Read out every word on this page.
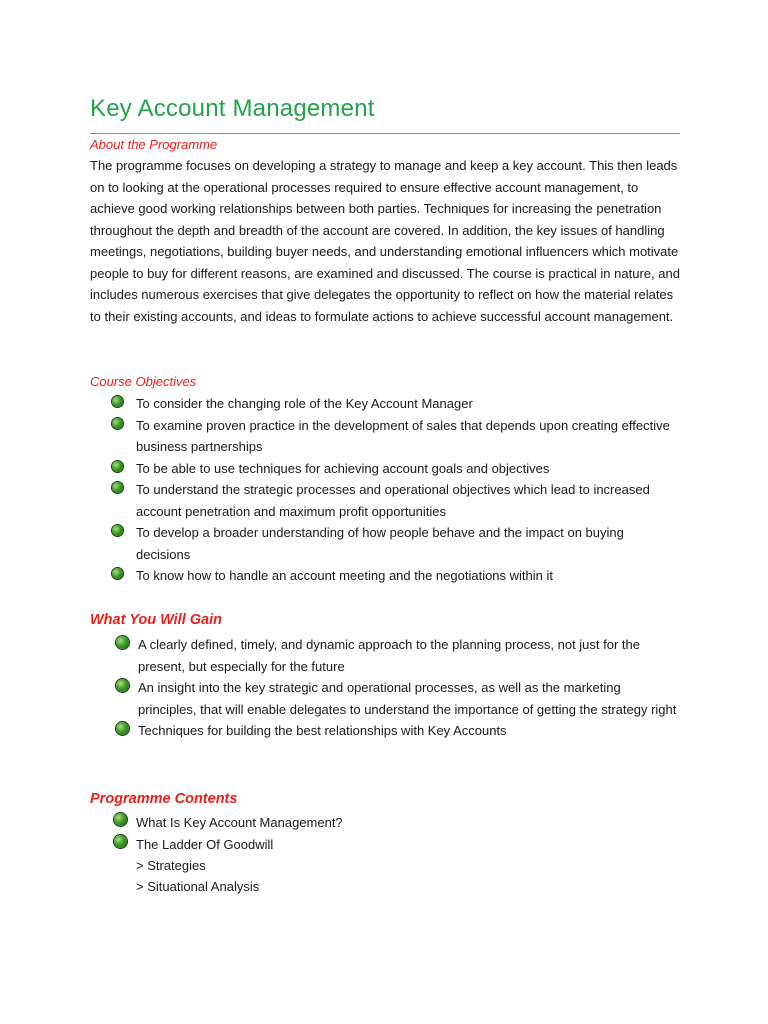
Key Account Management
About the Programme

The programme focuses on developing a strategy to manage and keep a key account. This then leads on to looking at the operational processes required to ensure effective account management, to achieve good working relationships between both parties. Techniques for increasing the penetration throughout the depth and breadth of the account are covered. In addition, the key issues of handling meetings, negotiations, building buyer needs, and understanding emotional influencers which motivate people to buy for different reasons, are examined and discussed. The course is practical in nature, and includes numerous exercises that give delegates the opportunity to reflect on how the material relates to their existing accounts, and ideas to formulate actions to achieve successful account management.

Course Objectives
To consider the changing role of the Key Account Manager
To examine proven practice in the development of sales that depends upon creating effective business partnerships
To be able to use techniques for achieving account goals and objectives
To understand the strategic processes and operational objectives which lead to increased account penetration and maximum profit opportunities
To develop a broader understanding of how people behave and the impact on buying decisions
To know how to handle an account meeting and the negotiations within it
What You Will Gain
A clearly defined, timely, and dynamic approach to the planning process, not just for the present, but especially for the future
An insight into the key strategic and operational processes, as well as the marketing principles, that will enable delegates to understand the importance of getting the strategy right
Techniques for building the best relationships with Key Accounts
Programme Contents
What Is Key Account Management?
The Ladder Of Goodwill
> Strategies
> Situational Analysis
